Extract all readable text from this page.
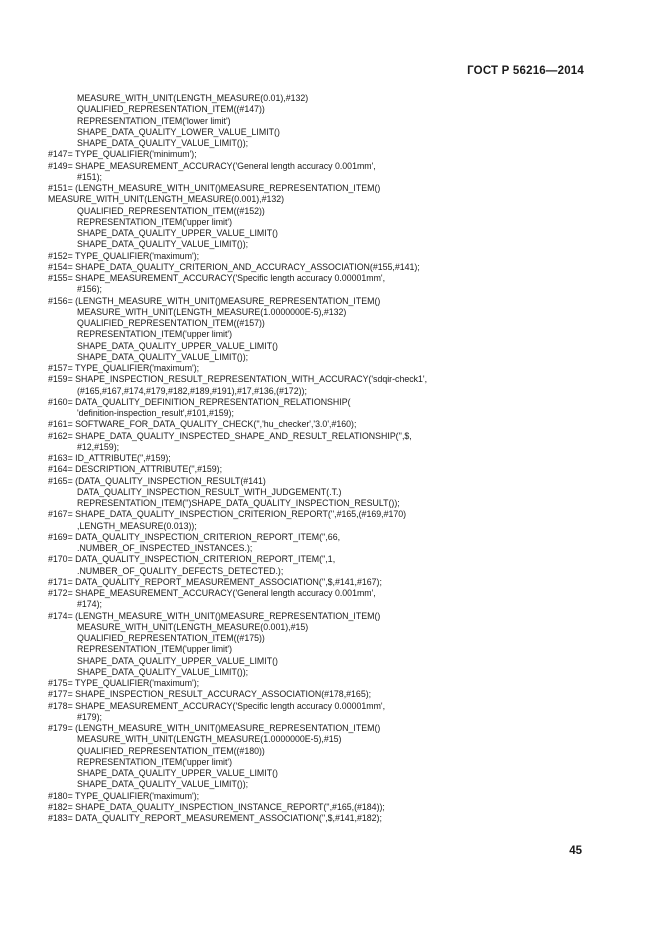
ГОСТ Р 56216—2014
MEASURE_WITH_UNIT(LENGTH_MEASURE(0.01),#132)
QUALIFIED_REPRESENTATION_ITEM((#147))
REPRESENTATION_ITEM('lower limit')
SHAPE_DATA_QUALITY_LOWER_VALUE_LIMIT()
SHAPE_DATA_QUALITY_VALUE_LIMIT());
#147= TYPE_QUALIFIER('minimum');
#149= SHAPE_MEASUREMENT_ACCURACY('General length accuracy 0.001mm',
#151);
#151= (LENGTH_MEASURE_WITH_UNIT()MEASURE_REPRESENTATION_ITEM()
MEASURE_WITH_UNIT(LENGTH_MEASURE(0.001),#132)
QUALIFIED_REPRESENTATION_ITEM((#152))
REPRESENTATION_ITEM('upper limit')
SHAPE_DATA_QUALITY_UPPER_VALUE_LIMIT()
SHAPE_DATA_QUALITY_VALUE_LIMIT());
#152= TYPE_QUALIFIER('maximum');
#154= SHAPE_DATA_QUALITY_CRITERION_AND_ACCURACY_ASSOCIATION(#155,#141);
#155= SHAPE_MEASUREMENT_ACCURACY('Specific length accuracy 0.00001mm',
#156);
#156= (LENGTH_MEASURE_WITH_UNIT()MEASURE_REPRESENTATION_ITEM()
MEASURE_WITH_UNIT(LENGTH_MEASURE(1.0000000E-5),#132)
QUALIFIED_REPRESENTATION_ITEM((#157))
REPRESENTATION_ITEM('upper limit')
SHAPE_DATA_QUALITY_UPPER_VALUE_LIMIT()
SHAPE_DATA_QUALITY_VALUE_LIMIT());
#157= TYPE_QUALIFIER('maximum');
#159= SHAPE_INSPECTION_RESULT_REPRESENTATION_WITH_ACCURACY('sdqir-check1',
(#165,#167,#174,#179,#182,#189,#191),#17,#136,(#172));
#160= DATA_QUALITY_DEFINITION_REPRESENTATION_RELATIONSHIP(
'definition-inspection_result',#101,#159);
#161= SOFTWARE_FOR_DATA_QUALITY_CHECK('','hu_checker','3.0',#160);
#162= SHAPE_DATA_QUALITY_INSPECTED_SHAPE_AND_RESULT_RELATIONSHIP('',$,
#12,#159);
#163= ID_ATTRIBUTE('',#159);
#164= DESCRIPTION_ATTRIBUTE('',#159);
#165= (DATA_QUALITY_INSPECTION_RESULT(#141)
DATA_QUALITY_INSPECTION_RESULT_WITH_JUDGEMENT(.T.)
REPRESENTATION_ITEM('')SHAPE_DATA_QUALITY_INSPECTION_RESULT());
#167= SHAPE_DATA_QUALITY_INSPECTION_CRITERION_REPORT('',#165,(#169,#170)
,LENGTH_MEASURE(0.013));
#169= DATA_QUALITY_INSPECTION_CRITERION_REPORT_ITEM('',66,
.NUMBER_OF_INSPECTED_INSTANCES.);
#170= DATA_QUALITY_INSPECTION_CRITERION_REPORT_ITEM('',1,
.NUMBER_OF_QUALITY_DEFECTS_DETECTED.);
#171= DATA_QUALITY_REPORT_MEASUREMENT_ASSOCIATION('',$,#141,#167);
#172= SHAPE_MEASUREMENT_ACCURACY('General length accuracy 0.001mm',
#174);
#174= (LENGTH_MEASURE_WITH_UNIT()MEASURE_REPRESENTATION_ITEM()
MEASURE_WITH_UNIT(LENGTH_MEASURE(0.001),#15)
QUALIFIED_REPRESENTATION_ITEM((#175))
REPRESENTATION_ITEM('upper limit')
SHAPE_DATA_QUALITY_UPPER_VALUE_LIMIT()
SHAPE_DATA_QUALITY_VALUE_LIMIT());
#175= TYPE_QUALIFIER('maximum');
#177= SHAPE_INSPECTION_RESULT_ACCURACY_ASSOCIATION(#178,#165);
#178= SHAPE_MEASUREMENT_ACCURACY('Specific length accuracy 0.00001mm',
#179);
#179= (LENGTH_MEASURE_WITH_UNIT()MEASURE_REPRESENTATION_ITEM()
MEASURE_WITH_UNIT(LENGTH_MEASURE(1.0000000E-5),#15)
QUALIFIED_REPRESENTATION_ITEM((#180))
REPRESENTATION_ITEM('upper limit')
SHAPE_DATA_QUALITY_UPPER_VALUE_LIMIT()
SHAPE_DATA_QUALITY_VALUE_LIMIT());
#180= TYPE_QUALIFIER('maximum');
#182= SHAPE_DATA_QUALITY_INSPECTION_INSTANCE_REPORT('',#165,(#184));
#183= DATA_QUALITY_REPORT_MEASUREMENT_ASSOCIATION('',$,#141,#182);
45
